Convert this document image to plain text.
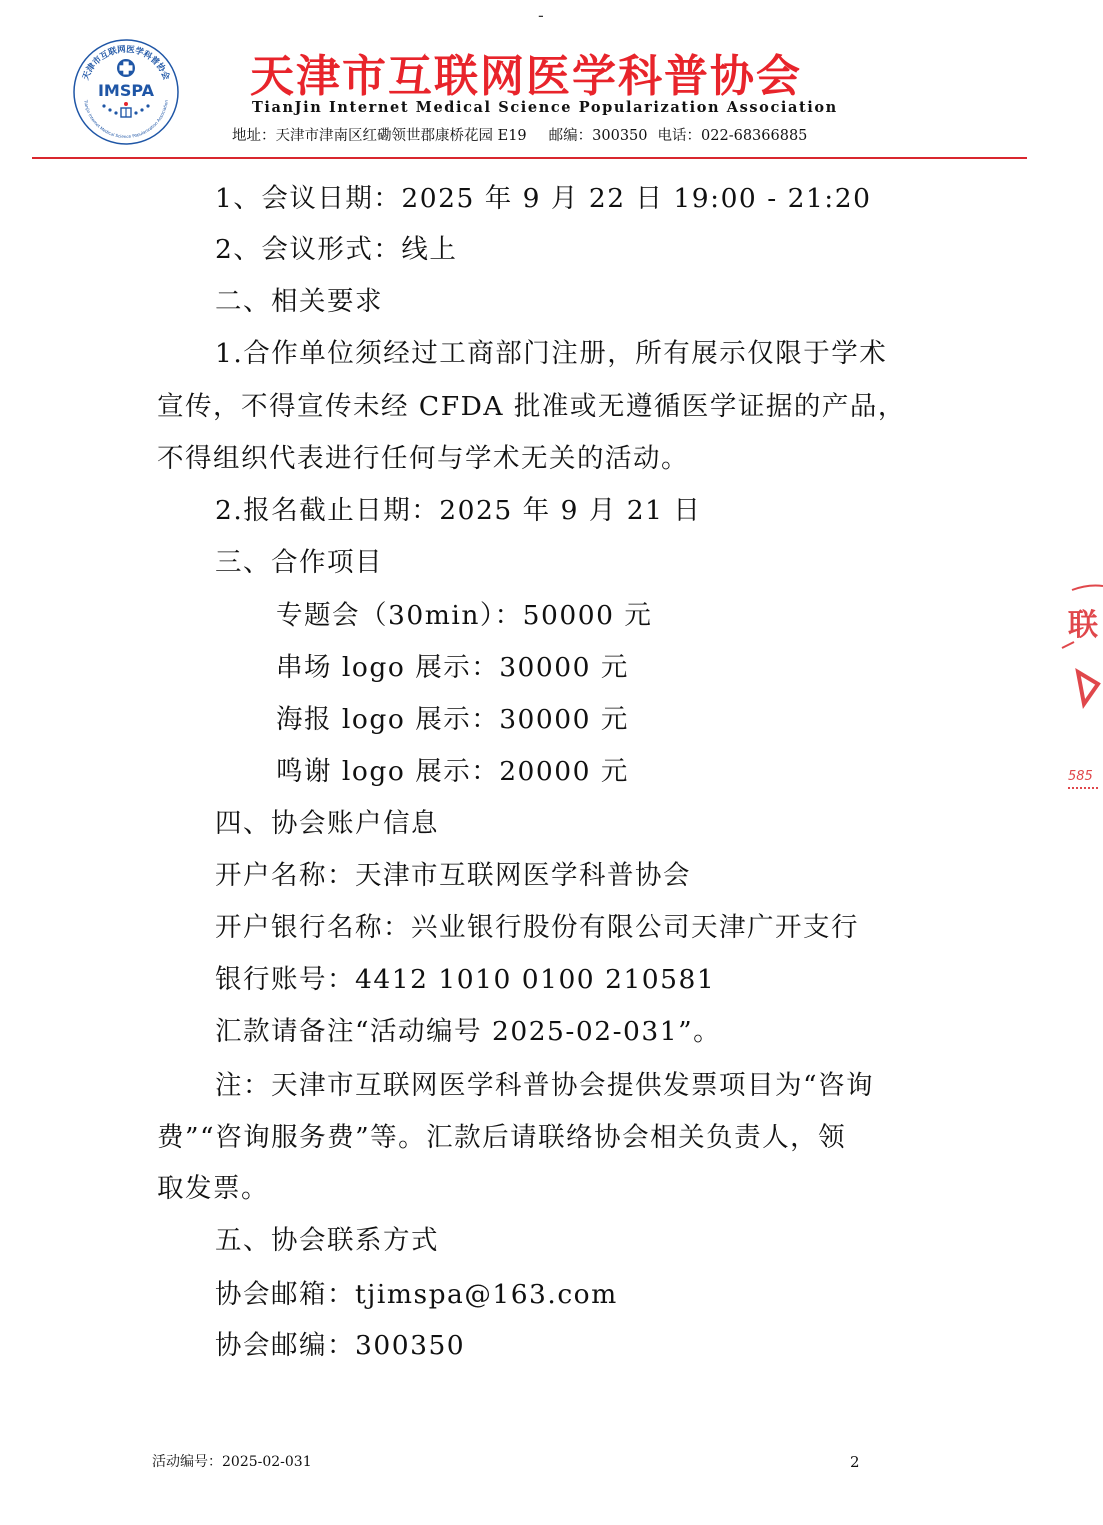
-
天津市互联网医学科普协会
Tianjin Internet Medical Science Popularization Association
IMSPA 天津市互联网医学科普协会
TianJin Internet Medical Science Popularization Association
地址：天津市津南区红磡领世郡康桥花园 E19 邮编：300350 电话：022-68366885
1、会议日期：2025 年 9 月 22 日 19:00 - 21:20
2、会议形式：线上
二、相关要求
1.合作单位须经过工商部门注册，所有展示仅限于学术
宣传，不得宣传未经 CFDA 批准或无遵循医学证据的产品，
不得组织代表进行任何与学术无关的活动。
2.报名截止日期：2025 年 9 月 21 日
三、合作项目
专题会（30min）：50000 元
串场 logo 展示：30000 元
海报 logo 展示：30000 元
鸣谢 logo 展示：20000 元
四、协会账户信息
开户名称：天津市互联网医学科普协会
开户银行名称：兴业银行股份有限公司天津广开支行
银行账号：4412 1010 0100 210581
汇款请备注“活动编号 2025-02-031”。
注：天津市互联网医学科普协会提供发票项目为“咨询
费”“咨询服务费”等。汇款后请联络协会相关负责人，领
取发票。
五、协会联系方式
协会邮箱：tjimspa@163.com
协会邮编：300350
联
585
活动编号：2025-02-031	2
